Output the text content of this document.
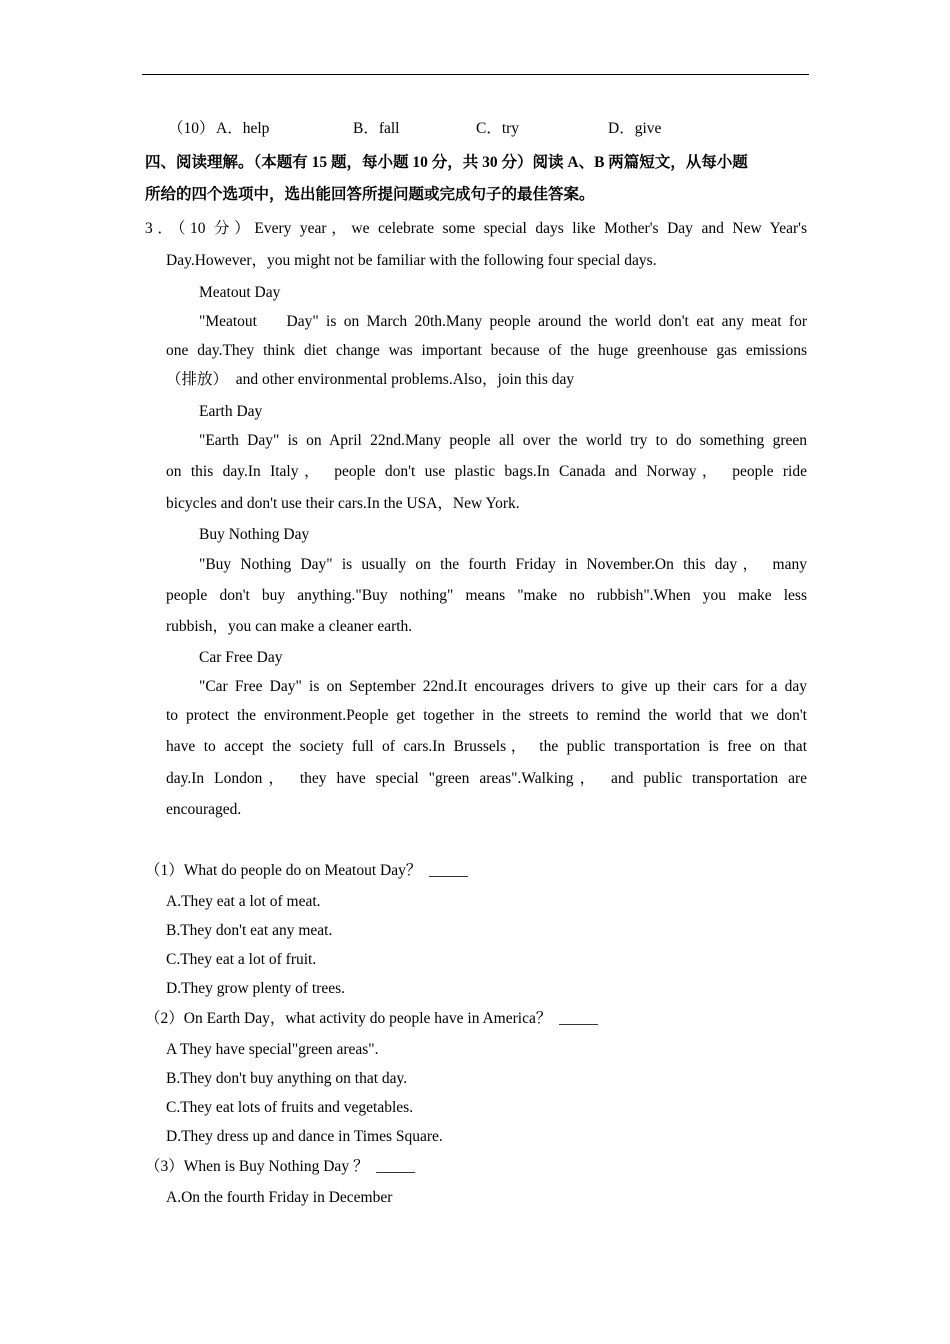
（10） A．help	B．fall	C．try	D．give
四、阅读理解。（本题有 15 题，每小题 10 分，共 30 分）阅读 A、B 两篇短文，从每小题
所给的四个选项中，选出能回答所提问题或完成句子的最佳答案。
3．（10 分）Every year，we celebrate some special days like Mother's Day and New Year's
Day.However，you might not be familiar with the following four special days.
Meatout Day
"Meatout    Day" is on March 20th.Many people around the world don't eat any meat for
one day.They think diet change was important because of the huge greenhouse gas emissions
（排放）  and other environmental problems.Also，join this day
Earth Day
"Earth Day" is on April 22nd.Many people all over the world try to do something green
on this day.In Italy， people don't use plastic bags.In Canada and Norway， people ride
bicycles and don't use their cars.In the USA，New York.
Buy Nothing Day
"Buy Nothing Day" is usually on the fourth Friday in November.On this day， many
people don't buy anything."Buy nothing" means "make no rubbish".When you make less
rubbish，you can make a cleaner earth.
Car Free Day
"Car Free Day" is on September 22nd.It encourages drivers to give up their cars for a day
to protect the environment.People get together in the streets to remind the world that we don't
have to accept the society full of cars.In Brussels， the public transportation is free on that
day.In London， they have special "green areas".Walking， and public transportation are
encouraged.
（1）What do people do on Meatout Day？  _____
A.They eat a lot of meat.
B.They don't eat any meat.
C.They eat a lot of fruit.
D.They grow plenty of trees.
（2）On Earth Day，what activity do people have in America？  _____
A They have special"green areas".
B.They don't buy anything on that day.
C.They eat lots of fruits and vegetables.
D.They dress up and dance in Times Square.
（3）When is Buy Nothing Day ？  _____
A.On the fourth Friday in December
